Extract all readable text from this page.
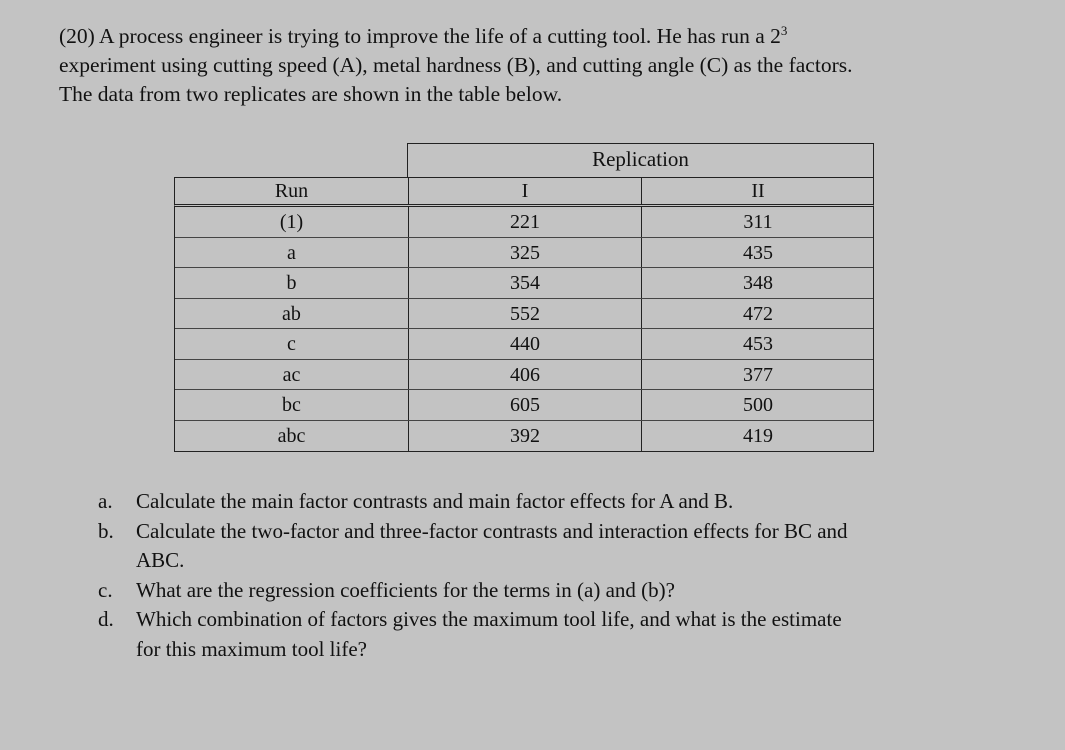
(20) A process engineer is trying to improve the life of a cutting tool. He has run a $2^3$
experiment using cutting speed (A), metal hardness (B), and cutting angle (C) as the factors.
The data from two replicates are shown in the table below.
Replication
Run	I	II
(1)	221	311
a	325	435
b	354	348
ab	552	472
c	440	453
ac	406	377
bc	605	500
abc	392	419
a. Calculate the main factor contrasts and main factor effects for A and B.
b. Calculate the two-factor and three-factor contrasts and interaction effects for BC and
ABC.
c. What are the regression coefficients for the terms in (a) and (b)?
d. Which combination of factors gives the maximum tool life, and what is the estimate
for this maximum tool life?
